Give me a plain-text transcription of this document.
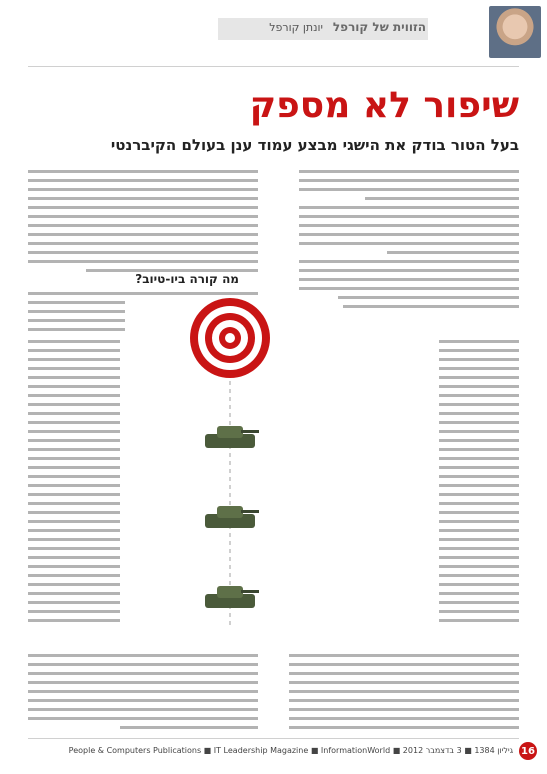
הזווית של קורפל
יונתן קורפל
שיפור לא מספק
בעל הטור בודק את הישגי מבצע עמוד ענן בעולם הקיברנטי
מה קורה ביו-טיוב?
People & Computers Publications ■ IT Leadership Magazine ■ InformationWorld ■ גיליון 1384 ■ 3 בדצמבר 2012 16
